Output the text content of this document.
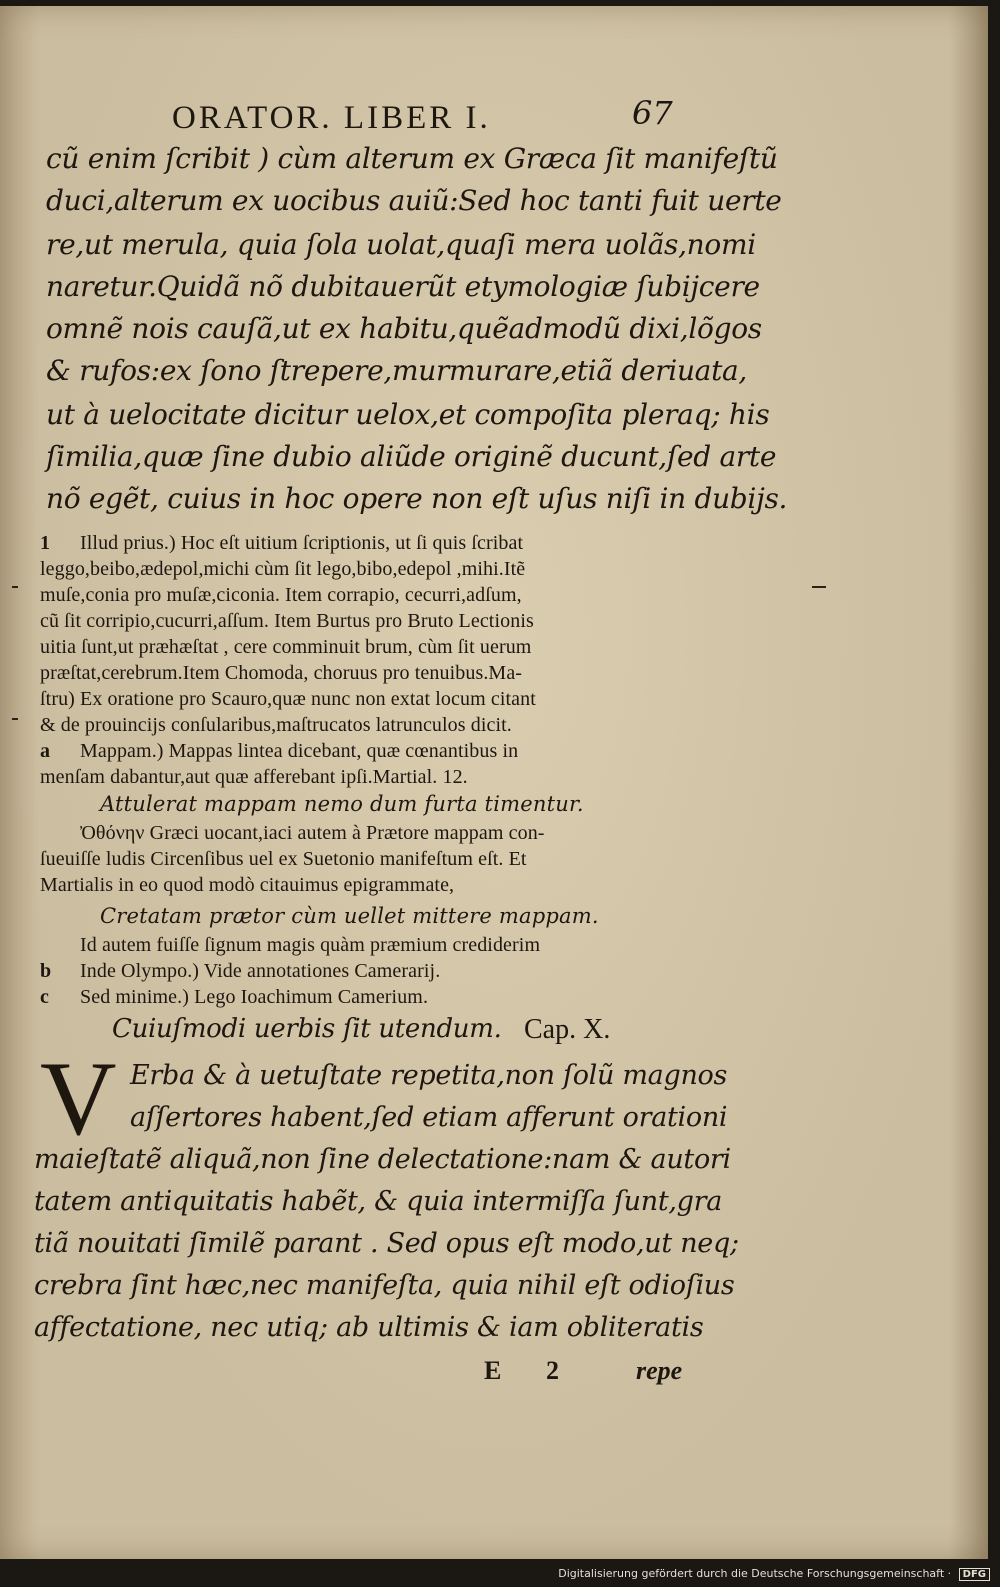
ORATOR. LIBER I.	67
cũ enim ſcribit ) cùm alterum ex Græca ſit manifeſtũ
duci,alterum ex uocibus auiũ:Sed hoc tanti fuit uerte
re,ut merula, quia ſola uolat,quaſi mera uolãs,nomi
naretur.Quidã nõ dubitauerũt etymologiæ ſubijcere
omnẽ nois cauſã,ut ex habitu,quẽadmodũ dixi,lõgos
& rufos:ex ſono ſtrepere,murmurare,etiã deriuata,
ut à uelocitate dicitur uelox,et compoſita pleraq; his
ſimilia,quæ ſine dubio aliũde originẽ ducunt,ſed arte
nõ egẽt, cuius in hoc opere non eſt uſus niſi in dubijs.
1 Illud prius.) Hoc eſt uitium ſcriptionis, ut ſi quis ſcribat
leggo,beibo,ædepol,michi cùm ſit lego,bibo,edepol ,mihi.Itẽ
muſe,conia pro muſæ,ciconia. Item corrapio, cecurri,adſum,
cũ ſit corripio,cucurri,aſſum. Item Burtus pro Bruto Lectionis
uitia ſunt,ut præhæſtat , cere comminuit brum, cùm ſit uerum
præſtat,cerebrum.Item Chomoda, choruus pro tenuibus.Ma-
ſtru) Ex oratione pro Scauro,quæ nunc non extat locum citant
& de prouincijs conſularibus,maſtrucatos latrunculos dicit.
a Mappam.) Mappas lintea dicebant, quæ cœnantibus in
menſam dabantur,aut quæ afferebant ipſi.Martial. 12.
Attulerat mappam nemo dum furta timentur.
Ὀθόνην Græci uocant,iaci autem à Prætore mappam con-
ſueuiſſe ludis Circenſibus uel ex Suetonio manifeſtum eſt. Et
Martialis in eo quod modò citauimus epigrammate,
Cretatam prætor cùm uellet mittere mappam.
Id autem fuiſſe ſignum magis quàm præmium crediderim
b Inde Olympo.) Vide annotationes Camerarij.
c Sed minime.) Lego Ioachimum Camerium.
Cuiuſmodi uerbis ſit utendum. Cap. X.
V Erba & à uetuſtate repetita,non ſolũ magnos
aſſertores habent,ſed etiam afferunt orationi
maieſtatẽ aliquã,non ſine delectatione:nam & autori
tatem antiquitatis habẽt, & quia intermiſſa ſunt,gra
tiã nouitati ſimilẽ parant . Sed opus eſt modo,ut neq;
crebra ſint hæc,nec manifeſta, quia nihil eſt odioſius
affectatione, nec utiq; ab ultimis & iam obliteratis
E 2	repe
Digitalisierung gefördert durch die Deutsche Forschungsgemeinschaft · DFG
